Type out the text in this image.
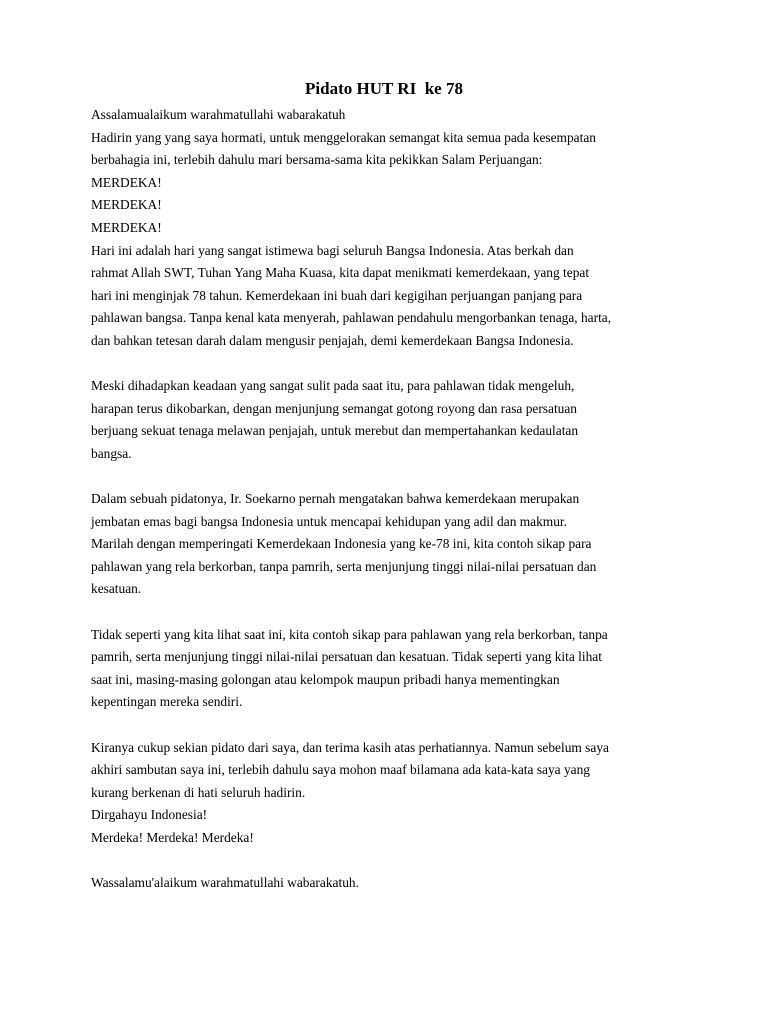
Pidato HUT RI  ke 78
Assalamualaikum warahmatullahi wabarakatuh
Hadirin yang yang saya hormati, untuk menggelorakan semangat kita semua pada kesempatan
berbahagia ini, terlebih dahulu mari bersama-sama kita pekikkan Salam Perjuangan:
MERDEKA!
MERDEKA!
MERDEKA!
Hari ini adalah hari yang sangat istimewa bagi seluruh Bangsa Indonesia. Atas berkah dan
rahmat Allah SWT, Tuhan Yang Maha Kuasa, kita dapat menikmati kemerdekaan, yang tepat
hari ini menginjak 78 tahun. Kemerdekaan ini buah dari kegigihan perjuangan panjang para
pahlawan bangsa. Tanpa kenal kata menyerah, pahlawan pendahulu mengorbankan tenaga, harta,
dan bahkan tetesan darah dalam mengusir penjajah, demi kemerdekaan Bangsa Indonesia.
Meski dihadapkan keadaan yang sangat sulit pada saat itu, para pahlawan tidak mengeluh,
harapan terus dikobarkan, dengan menjunjung semangat gotong royong dan rasa persatuan
berjuang sekuat tenaga melawan penjajah, untuk merebut dan mempertahankan kedaulatan
bangsa.
Dalam sebuah pidatonya, Ir. Soekarno pernah mengatakan bahwa kemerdekaan merupakan
jembatan emas bagi bangsa Indonesia untuk mencapai kehidupan yang adil dan makmur.
Marilah dengan memperingati Kemerdekaan Indonesia yang ke-78 ini, kita contoh sikap para
pahlawan yang rela berkorban, tanpa pamrih, serta menjunjung tinggi nilai-nilai persatuan dan
kesatuan.
Tidak seperti yang kita lihat saat ini, kita contoh sikap para pahlawan yang rela berkorban, tanpa
pamrih, serta menjunjung tinggi nilai-nilai persatuan dan kesatuan. Tidak seperti yang kita lihat
saat ini, masing-masing golongan atau kelompok maupun pribadi hanya mementingkan
kepentingan mereka sendiri.
Kiranya cukup sekian pidato dari saya, dan terima kasih atas perhatiannya. Namun sebelum saya
akhiri sambutan saya ini, terlebih dahulu saya mohon maaf bilamana ada kata-kata saya yang
kurang berkenan di hati seluruh hadirin.
Dirgahayu Indonesia!
Merdeka! Merdeka! Merdeka!
Wassalamu'alaikum warahmatullahi wabarakatuh.
